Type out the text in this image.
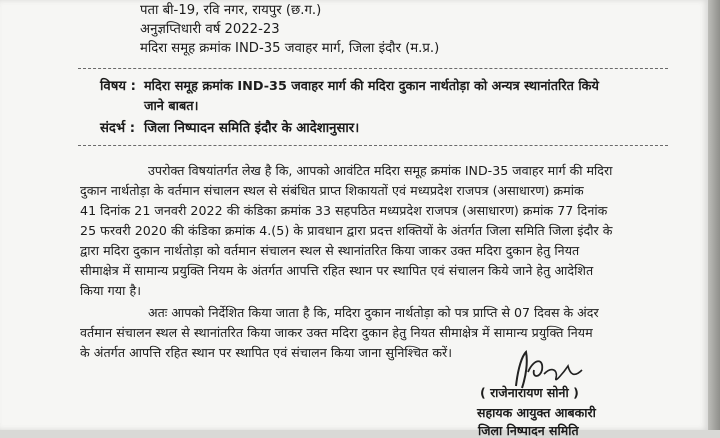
पता बी-19, रवि नगर, रायपुर (छ.ग.)
अनुज्ञप्तिधारी वर्ष 2022-23
मदिरा समूह क्रमांक IND-35 जवाहर मार्ग, जिला इंदौर (म.प्र.)
विषय : मदिरा समूह क्रमांक IND-35 जवाहर मार्ग की मदिरा दुकान नार्थतोड़ा को अन्यत्र स्थानांतरित किये
जाने बाबत।
संदर्भ : जिला निष्पादन समिति इंदौर के आदेशानुसार।
उपरोक्त विषयांतर्गत लेख है कि, आपको आवंटित मदिरा समूह क्रमांक IND-35 जवाहर मार्ग की मदिरा
दुकान नार्थतोड़ा के वर्तमान संचालन स्थल से संबंधित प्राप्त शिकायतों एवं मध्यप्रदेश राजपत्र (असाधारण) क्रमांक
41 दिनांक 21 जनवरी 2022 की कंडिका क्रमांक 33 सहपठित मध्यप्रदेश राजपत्र (असाधारण) क्रमांक 77 दिनांक
25 फरवरी 2020 की कंडिका क्रमांक 4.(5) के प्रावधान द्वारा प्रदत्त शक्तियों के अंतर्गत जिला समिति जिला इंदौर के
द्वारा मदिरा दुकान नार्थतोड़ा को वर्तमान संचालन स्थल से स्थानांतरित किया जाकर उक्त मदिरा दुकान हेतु नियत
सीमाक्षेत्र में सामान्य प्रयुक्ति नियम के अंतर्गत आपत्ति रहित स्थान पर स्थापित एवं संचालन किये जाने हेतु आदेशित
किया गया है।
अतः आपको निर्देशित किया जाता है कि, मदिरा दुकान नार्थतोड़ा को पत्र प्राप्ति से 07 दिवस के अंदर
वर्तमान संचालन स्थल से स्थानांतरित किया जाकर उक्त मदिरा दुकान हेतु नियत सीमाक्षेत्र में सामान्य प्रयुक्ति नियम
के अंतर्गत आपत्ति रहित स्थान पर स्थापित एवं संचालन किया जाना सुनिश्चित करें।
( राजेनारायण सोनी )
सहायक आयुक्त आबकारी
जिला निष्पादन समिति
